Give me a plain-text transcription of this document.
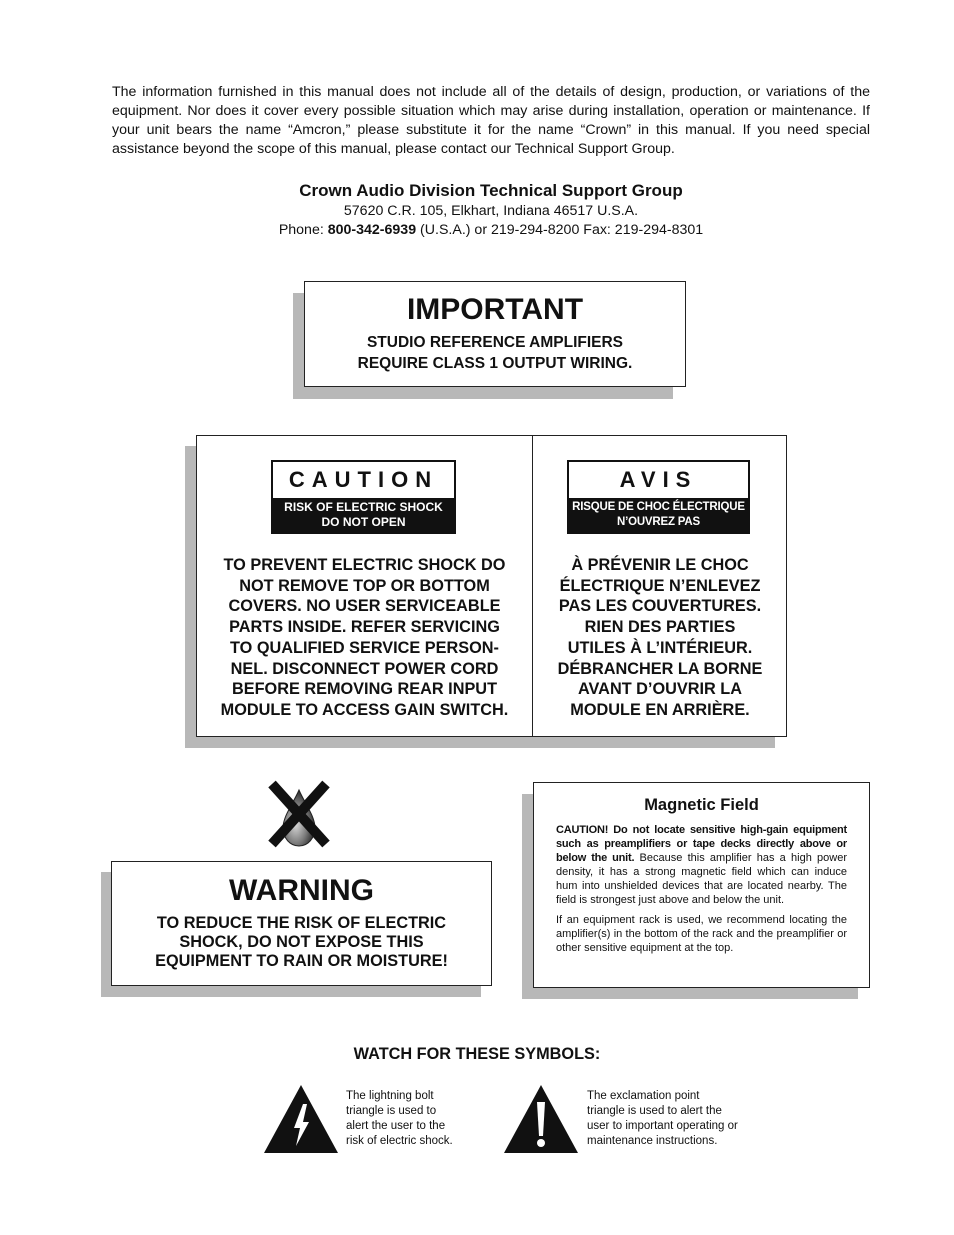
The information furnished in this manual does not include all of the details of design, production, or variations of the equipment. Nor does it cover every possible situation which may arise during installation, operation or maintenance. If your unit bears the name “Amcron,” please substitute it for the name “Crown” in this manual. If you need special assistance beyond the scope of this manual, please contact our Technical Support Group.
Crown Audio Division Technical Support Group
57620 C.R. 105, Elkhart, Indiana 46517 U.S.A.
Phone: 800-342-6939 (U.S.A.) or 219-294-8200 Fax: 219-294-8301
IMPORTANT
STUDIO REFERENCE AMPLIFIERS
REQUIRE CLASS 1 OUTPUT WIRING.
CAUTION
RISK OF ELECTRIC SHOCK
DO NOT OPEN
TO PREVENT ELECTRIC SHOCK DO
NOT REMOVE TOP OR BOTTOM
COVERS. NO USER SERVICEABLE
PARTS INSIDE. REFER SERVICING
TO QUALIFIED SERVICE PERSON-
NEL. DISCONNECT POWER CORD
BEFORE REMOVING REAR INPUT
MODULE TO ACCESS GAIN SWITCH.
AVIS
RISQUE DE CHOC ÉLECTRIQUE
N’OUVREZ PAS
À PRÉVENIR LE CHOC
ÉLECTRIQUE N’ENLEVEZ
PAS LES COUVERTURES.
RIEN DES PARTIES
UTILES À L’INTÉRIEUR.
DÉBRANCHER LA BORNE
AVANT D’OUVRIR LA
MODULE EN ARRIÈRE.
WARNING
TO REDUCE THE RISK OF ELECTRIC
SHOCK, DO NOT EXPOSE THIS
EQUIPMENT TO RAIN OR MOISTURE!
Magnetic Field
CAUTION! Do not locate sensitive high-gain equipment such as preamplifiers or tape decks directly above or below the unit. Because this amplifier has a high power density, it has a strong magnetic field which can induce hum into unshielded devices that are located nearby. The field is strongest just above and below the unit.
If an equipment rack is used, we recommend locating the amplifier(s) in the bottom of the rack and the preamplifier or other sensitive equipment at the top.
WATCH FOR THESE SYMBOLS:
The lightning bolt
triangle is used to
alert the user to the
risk of electric shock.
The exclamation point
triangle is used to alert the
user to important operating or
maintenance instructions.
